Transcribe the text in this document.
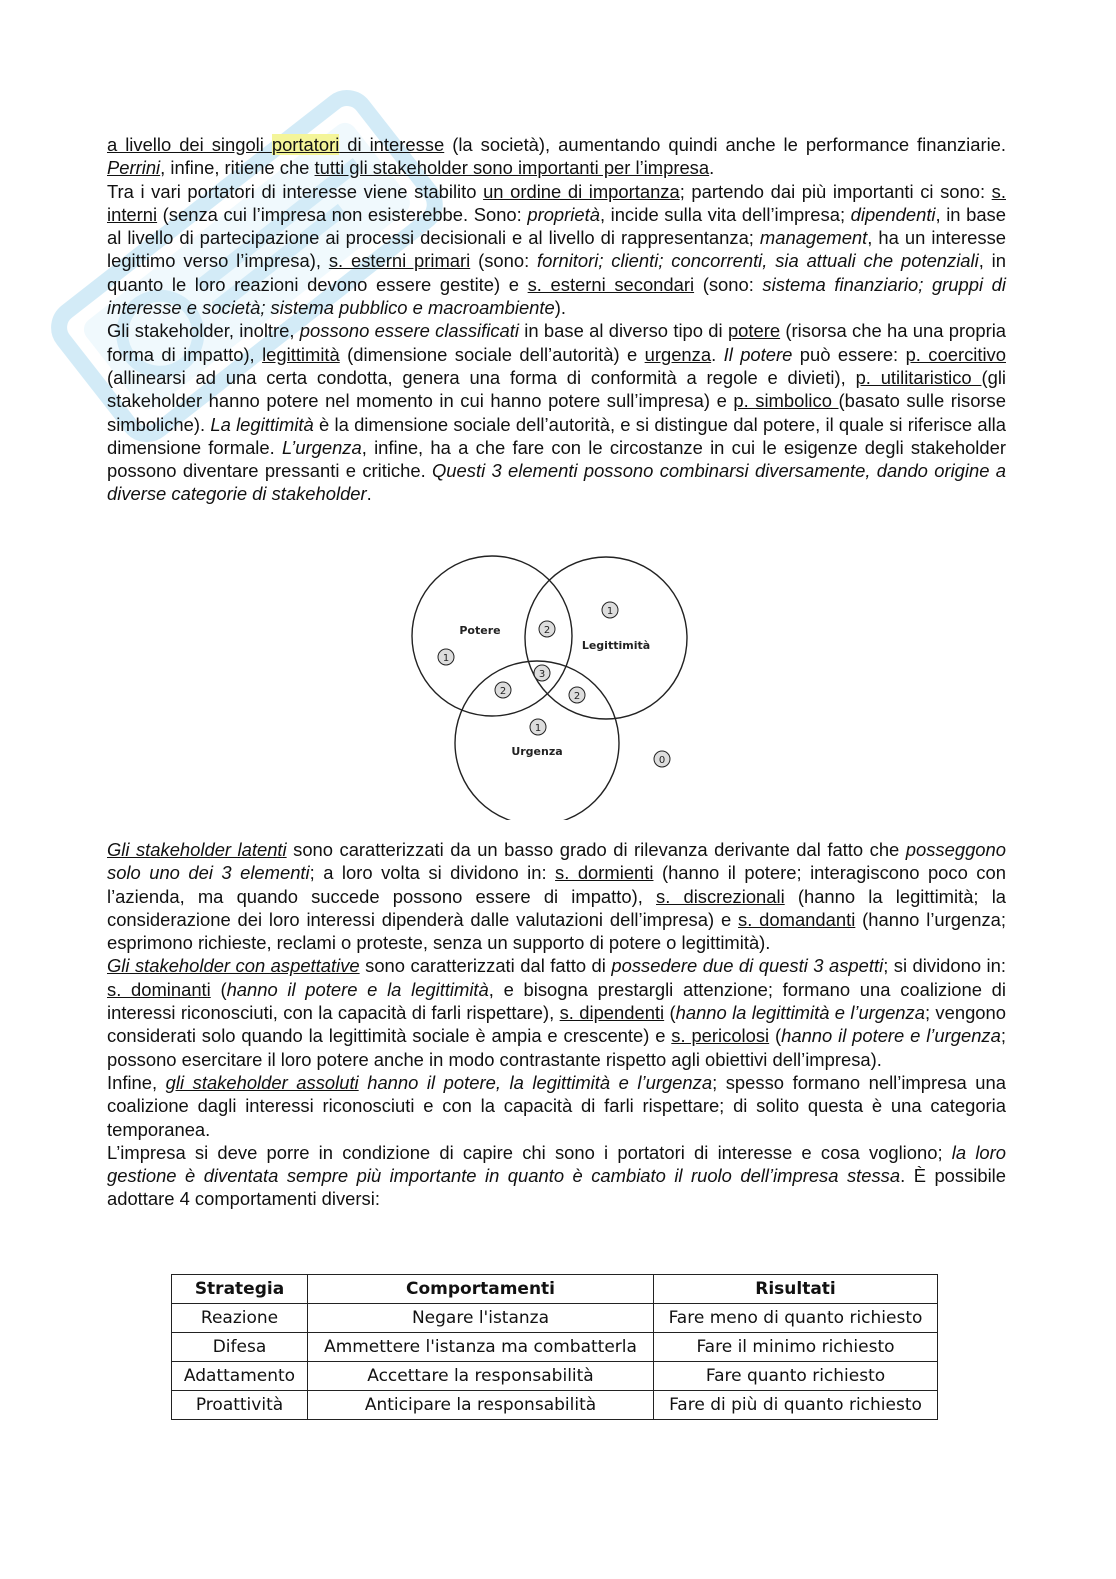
a livello dei singoli portatori di interesse (la società), aumentando quindi anche le performance finanziarie. Perrini, infine, ritiene che tutti gli stakeholder sono importanti per l’impresa.

Tra i vari portatori di interesse viene stabilito un ordine di importanza; partendo dai più importanti ci sono: s. interni (senza cui l’impresa non esisterebbe. Sono: proprietà, incide sulla vita dell’impresa; dipendenti, in base al livello di partecipazione ai processi decisionali e al livello di rappresentanza; management, ha un interesse legittimo verso l’impresa), s. esterni primari (sono: fornitori; clienti; concorrenti, sia attuali che potenziali, in quanto le loro reazioni devono essere gestite) e s. esterni secondari (sono: sistema finanziario; gruppi di interesse e società; sistema pubblico e macroambiente).

Gli stakeholder, inoltre, possono essere classificati in base al diverso tipo di potere (risorsa che ha una propria forma di impatto), legittimità (dimensione sociale dell’autorità) e urgenza. Il potere può essere: p. coercitivo (allinearsi ad una certa condotta, genera una forma di conformità a regole e divieti), p. utilitaristico (gli stakeholder hanno potere nel momento in cui hanno potere sull’impresa) e p. simbolico (basato sulle risorse simboliche). La legittimità è la dimensione sociale dell’autorità, e si distingue dal potere, il quale si riferisce alla dimensione formale. L’urgenza, infine, ha a che fare con le circostanze in cui le esigenze degli stakeholder possono diventare pressanti e critiche. Questi 3 elementi possono combinarsi diversamente, dando origine a diverse categorie di stakeholder.

Potere
Legittimità
Urgenza
1
1
1
2
2	2
3
0

Gli stakeholder latenti sono caratterizzati da un basso grado di rilevanza derivante dal fatto che posseggono solo uno dei 3 elementi; a loro volta si dividono in: s. dormienti (hanno il potere; interagiscono poco con l’azienda, ma quando succede possono essere di impatto), s. discrezionali (hanno la legittimità; la considerazione dei loro interessi dipenderà dalle valutazioni dell’impresa) e s. domandanti (hanno l’urgenza; esprimono richieste, reclami o proteste, senza un supporto di potere o legittimità).

Gli stakeholder con aspettative sono caratterizzati dal fatto di possedere due di questi 3 aspetti; si dividono in: s. dominanti (hanno il potere e la legittimità, e bisogna prestargli attenzione; formano una coalizione di interessi riconosciuti, con la capacità di farli rispettare), s. dipendenti (hanno la legittimità e l’urgenza; vengono considerati solo quando la legittimità sociale è ampia e crescente) e s. pericolosi (hanno il potere e l’urgenza; possono esercitare il loro potere anche in modo contrastante rispetto agli obiettivi dell’impresa).

Infine, gli stakeholder assoluti hanno il potere, la legittimità e l’urgenza; spesso formano nell’impresa una coalizione dagli interessi riconosciuti e con la capacità di farli rispettare; di solito questa è una categoria temporanea.

L’impresa si deve porre in condizione di capire chi sono i portatori di interesse e cosa vogliono; la loro gestione è diventata sempre più importante in quanto è cambiato il ruolo dell’impresa stessa. È possibile adottare 4 comportamenti diversi:

Strategia	Comportamenti	Risultati
Reazione	Negare l'istanza	Fare meno di quanto richiesto
Difesa	Ammettere l'istanza ma combatterla	Fare il minimo richiesto
Adattamento	Accettare la responsabilità	Fare quanto richiesto
Proattività	Anticipare la responsabilità	Fare di più di quanto richiesto
